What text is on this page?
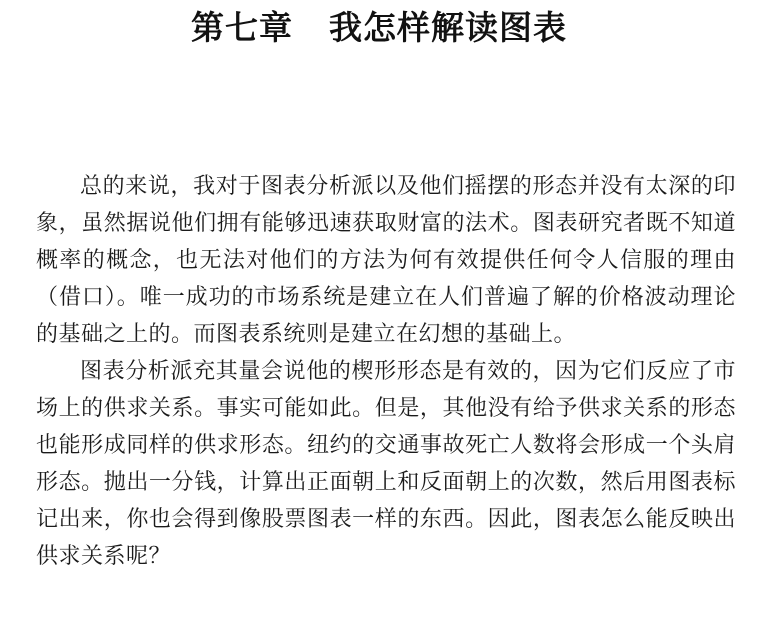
第七章 我怎样解读图表

总的来说，我对于图表分析派以及他们摇摆的形态并没有太深的印象，虽然据说他们拥有能够迅速获取财富的法术。图表研究者既不知道概率的概念，也无法对他们的方法为何有效提供任何令人信服的理由（借口）。唯一成功的市场系统是建立在人们普遍了解的价格波动理论的基础之上的。而图表系统则是建立在幻想的基础上。

图表分析派充其量会说他的楔形形态是有效的，因为它们反应了市场上的供求关系。事实可能如此。但是，其他没有给予供求关系的形态也能形成同样的供求形态。纽约的交通事故死亡人数将会形成一个头肩形态。抛出一分钱，计算出正面朝上和反面朝上的次数，然后用图表标记出来，你也会得到像股票图表一样的东西。因此，图表怎么能反映出供求关系呢？
